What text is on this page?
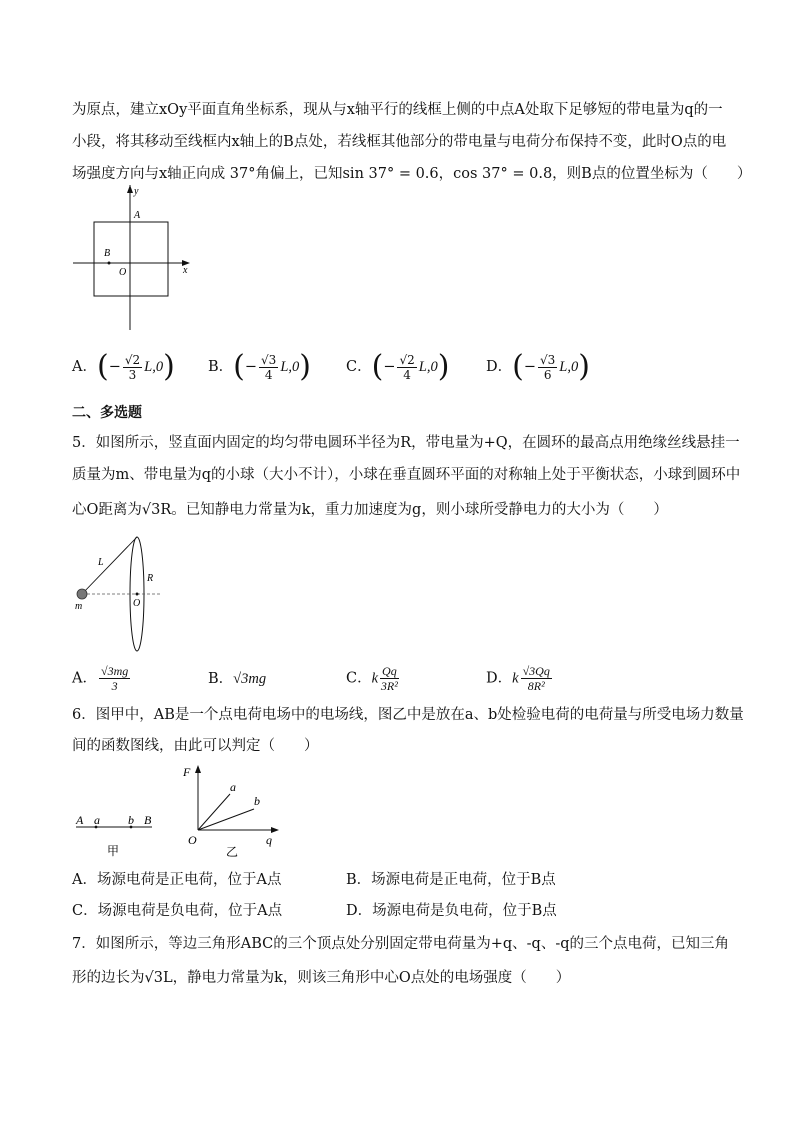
为原点，建立xOy平面直角坐标系，现从与x轴平行的线框上侧的中点A处取下足够短的带电量为q的一
小段，将其移动至线框内x轴上的B点处，若线框其他部分的带电量与电荷分布保持不变，此时O点的电
场强度方向与x轴正向成 37°角偏上，已知sin 37° = 0.6，cos 37° = 0.8，则B点的位置坐标为（　　）
y
x
A
B
O
A．(− $\frac{√2}{3} L,0$) B．(− $\frac{√3}{4} L,0$) C．(− $\frac{√2}{4} L,0$)	D．(− $\frac{√3}{6} L,0$)
二、多选题
5．如图所示，竖直面内固定的均匀带电圆环半径为R，带电量为+Q，在圆环的最高点用绝缘丝线悬挂一
质量为m、带电量为q的小球（大小不计），小球在垂直圆环平面的对称轴上处于平衡状态，小球到圆环中
心O距离为√3R。已知静电力常量为k，重力加速度为g，则小球所受静电力的大小为（　　）
L
R
m	O
A． $\frac{√3mg}{3}$	B．√3mg	C．k $\frac{Qq}{\text{3R²}}$	D．k $\frac{√3Qq}{\text{8R²}}$
6．图甲中，AB是一个点电荷电场中的电场线，图乙中是放在a、b处检验电荷的电荷量与所受电场力数量
间的函数图线，由此可以判定（　　）
A a b B
甲
F
a
b
O	q
乙
A．场源电荷是正电荷，位于A点	B．场源电荷是正电荷，位于B点
C．场源电荷是负电荷，位于A点	D．场源电荷是负电荷，位于B点
7．如图所示，等边三角形ABC的三个顶点处分别固定带电荷量为+q、-q、-q的三个点电荷，已知三角
形的边长为√3L，静电力常量为k，则该三角形中心O点处的电场强度（　　）
